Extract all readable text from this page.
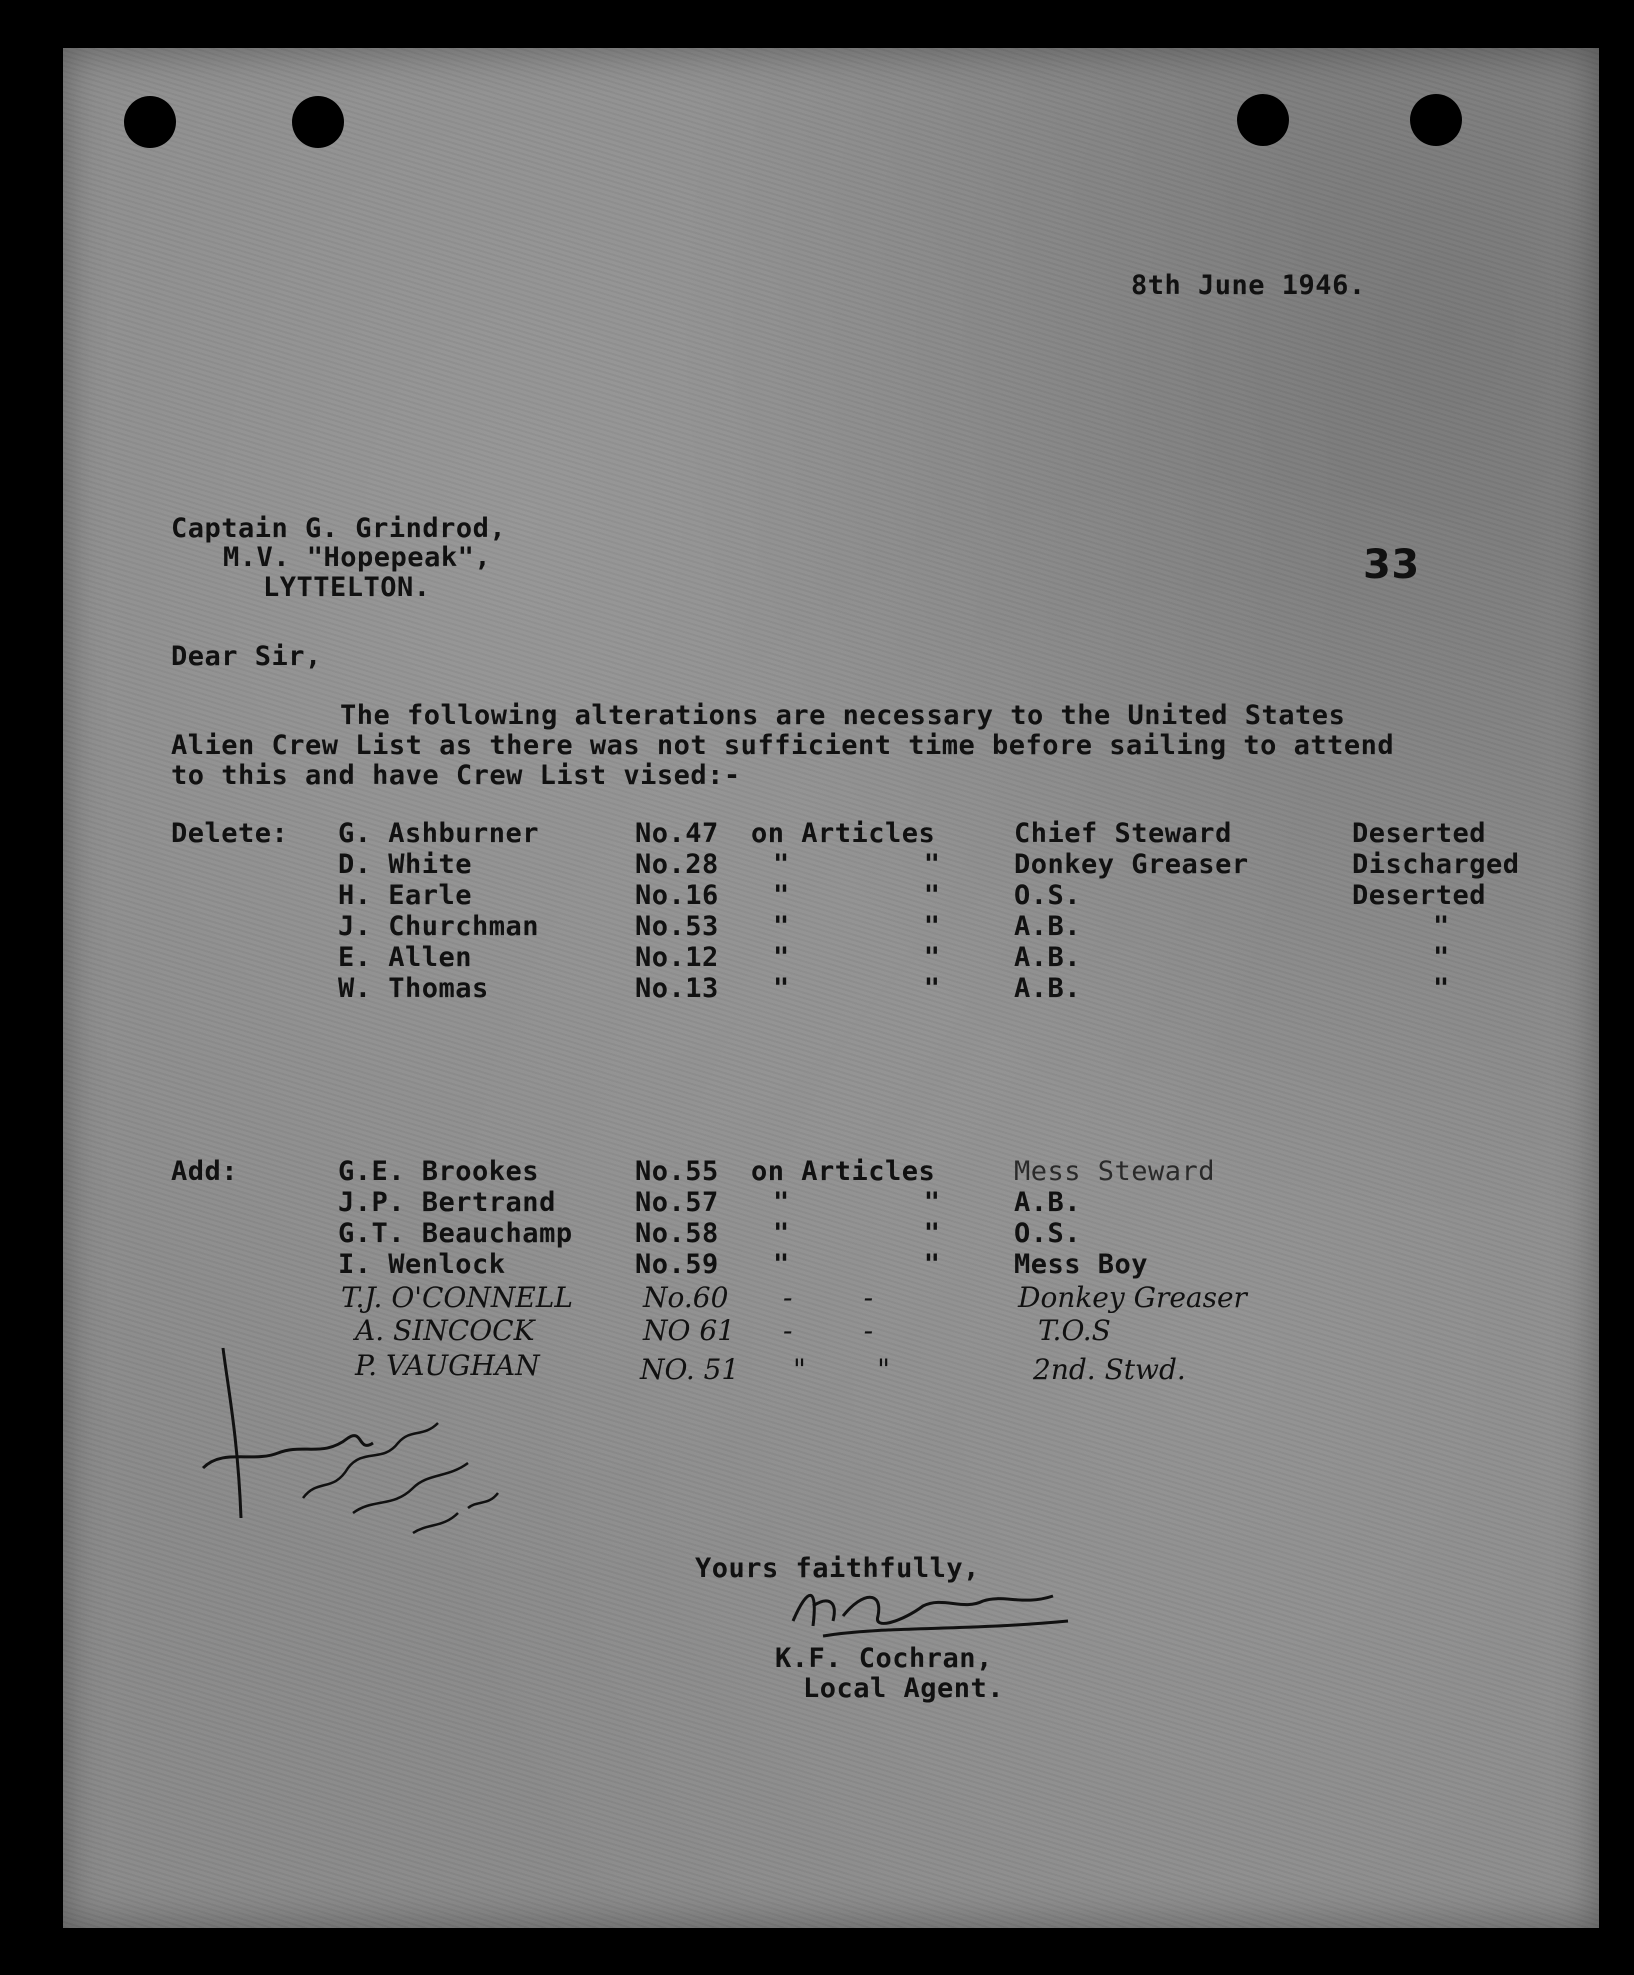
8th June 1946.
Captain G. Grindrod,
M.V. "Hopepeak",
LYTTELTON.	33
Dear Sir,
The following alterations are necessary to the United States
Alien Crew List as there was not sufficient time before sailing to attend
to this and have Crew List vised:-
Delete: G. Ashburner	No.47 on Articles	Chief Steward	Deserted
D. White	No.28 "        "	Donkey Greaser	Discharged
H. Earle	No.16 "        "	O.S.	Deserted
J. Churchman	No.53 "        "	A.B.	"
E. Allen	No.12 "        "	A.B.	"
W. Thomas	No.13 "        "	A.B.	"
Add:	G.E. Brookes	No.55 on Articles	Mess Steward
J.P. Bertrand	No.57 "        "	A.B.
G.T. Beauchamp No.58 "        "	O.S.
I. Wenlock	No.59 "        "	Mess Boy
T.J. O'CONNELL	No.60 -        -	Donkey Greaser
A. SINCOCK	NO 61 -        -	T.O.S
P. VAUGHAN	NO. 51 "        "	2nd. Stwd.
Yours faithfully,
K.F. Cochran,
Local Agent.
